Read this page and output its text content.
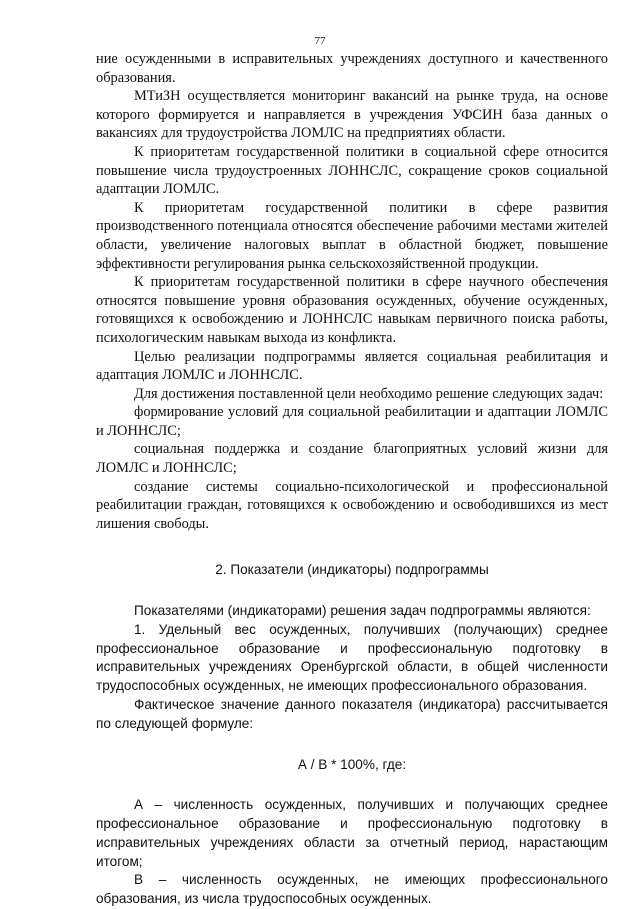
77

ние осужденными в исправительных учреждениях доступного и качественного образования.

МТиЗН осуществляется мониторинг вакансий на рынке труда, на основе которого формируется и направляется в учреждения УФСИН база данных о вакансиях для трудоустройства ЛОМЛС на предприятиях области.

К приоритетам государственной политики в социальной сфере относится повышение числа трудоустроенных ЛОННСЛС, сокращение сроков социальной адаптации ЛОМЛС.

К приоритетам государственной политики в сфере развития производственного потенциала относятся обеспечение рабочими местами жителей области, увеличение налоговых выплат в областной бюджет, повышение эффективности регулирования рынка сельскохозяйственной продукции.

К приоритетам государственной политики в сфере научного обеспечения относятся повышение уровня образования осужденных, обучение осужденных, готовящихся к освобождению и ЛОННСЛС навыкам первичного поиска работы, психологическим навыкам выхода из конфликта.

Целью реализации подпрограммы является социальная реабилитация и адаптация ЛОМЛС и ЛОННСЛС.

Для достижения поставленной цели необходимо решение следующих задач:

формирование условий для социальной реабилитации и адаптации ЛОМЛС и ЛОННСЛС;

социальная поддержка и создание благоприятных условий жизни для ЛОМЛС и ЛОННСЛС;

создание системы социально-психологической и профессиональной реабилитации граждан, готовящихся к освобождению и освободившихся из мест лишения свободы.

2. Показатели (индикаторы) подпрограммы

Показателями (индикаторами) решения задач подпрограммы являются:

1. Удельный вес осужденных, получивших (получающих) среднее профессиональное образование и профессиональную подготовку в исправительных учреждениях Оренбургской области, в общей численности трудоспособных осужденных, не имеющих профессионального образования.

Фактическое значение данного показателя (индикатора) рассчитывается по следующей формуле:

А / В * 100%, где:

А – численность осужденных, получивших и получающих среднее профессиональное образование и профессиональную подготовку в исправительных учреждениях области за отчетный период, нарастающим итогом;

В – численность осужденных, не имеющих профессионального образования, из числа трудоспособных осужденных.
